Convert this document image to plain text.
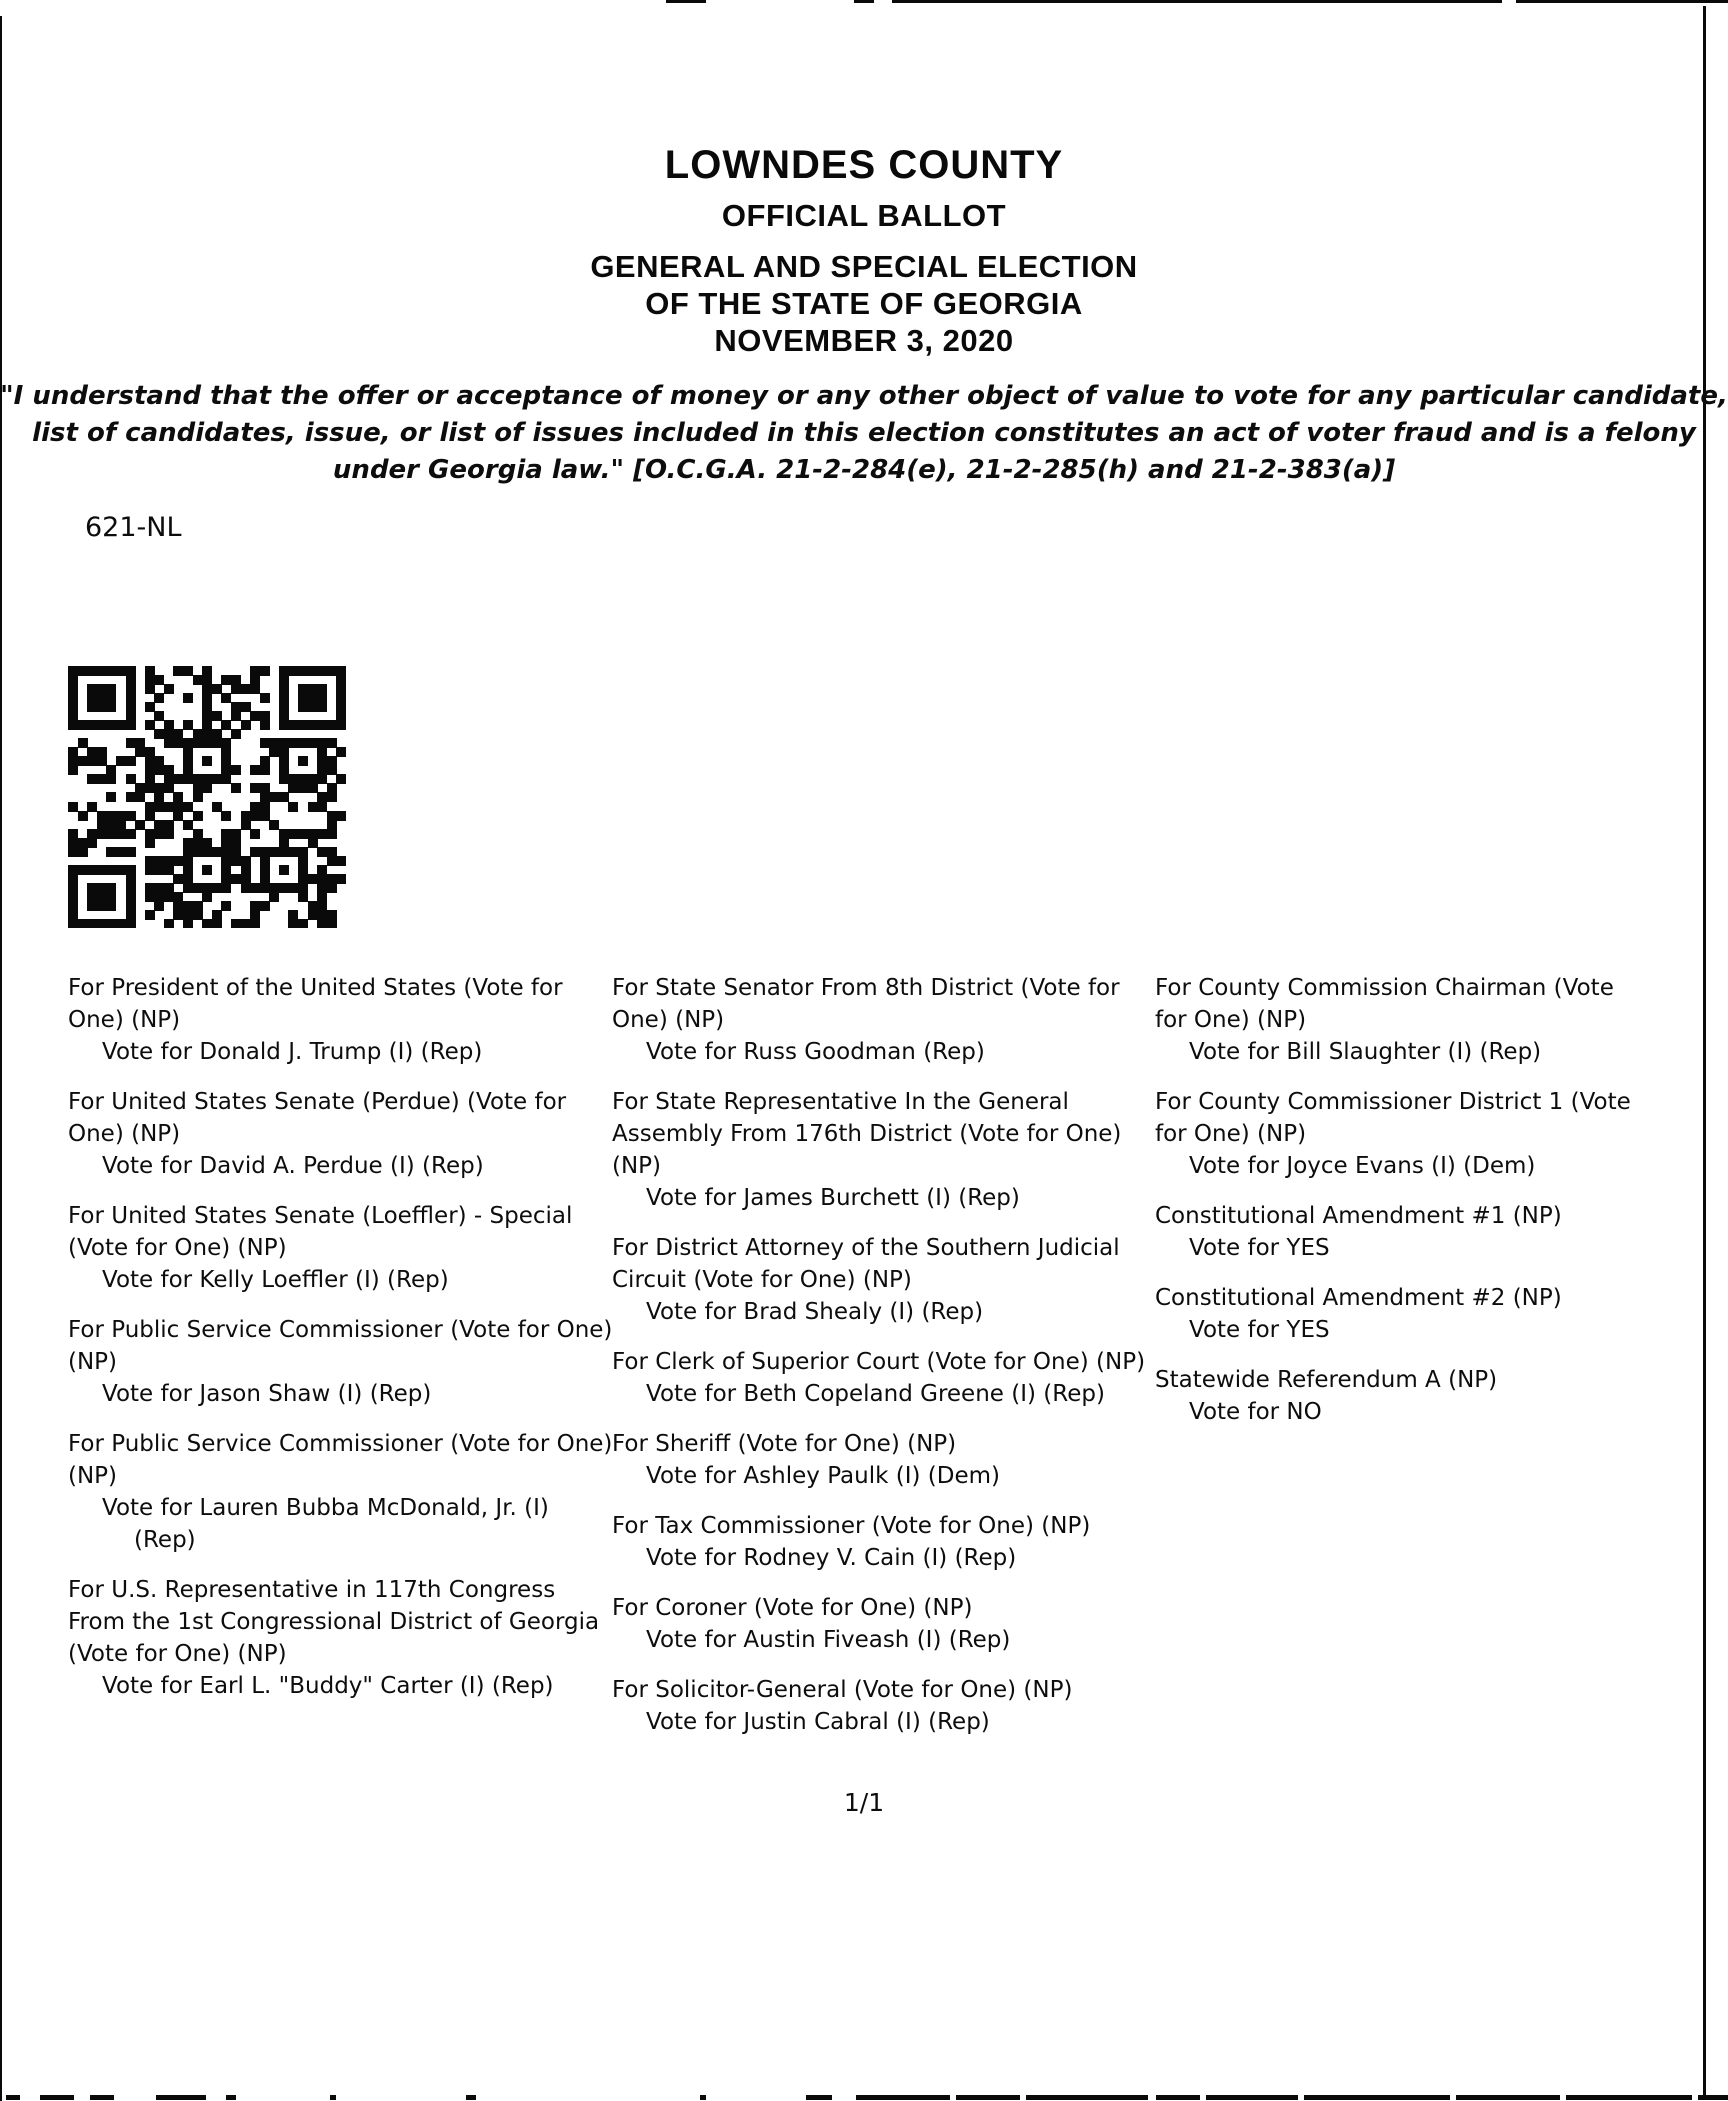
LOWNDES COUNTY
OFFICIAL BALLOT
GENERAL AND SPECIAL ELECTION
OF THE STATE OF GEORGIA
NOVEMBER 3, 2020
"I understand that the offer or acceptance of money or any other object of value to vote for any particular candidate,
list of candidates, issue, or list of issues included in this election constitutes an act of voter fraud and is a felony
under Georgia law." [O.C.G.A. 21-2-284(e), 21-2-285(h) and 21-2-383(a)]
621-NL
For President of the United States (Vote for One) (NP)
Vote for Donald J. Trump (I) (Rep)
For United States Senate (Perdue) (Vote for One) (NP)
Vote for David A. Perdue (I) (Rep)
For United States Senate (Loeffler) - Special (Vote for One) (NP)
Vote for Kelly Loeffler (I) (Rep)
For Public Service Commissioner (Vote for One) (NP)
Vote for Jason Shaw (I) (Rep)
For Public Service Commissioner (Vote for One) (NP)
Vote for Lauren Bubba McDonald, Jr. (I) (Rep)
For U.S. Representative in 117th Congress From the 1st Congressional District of Georgia (Vote for One) (NP)
Vote for Earl L. "Buddy" Carter (I) (Rep)
For State Senator From 8th District (Vote for One) (NP)
Vote for Russ Goodman (Rep)
For State Representative In the General Assembly From 176th District (Vote for One) (NP)
Vote for James Burchett (I) (Rep)
For District Attorney of the Southern Judicial Circuit (Vote for One) (NP)
Vote for Brad Shealy (I) (Rep)
For Clerk of Superior Court (Vote for One) (NP)
Vote for Beth Copeland Greene (I) (Rep)
For Sheriff (Vote for One) (NP)
Vote for Ashley Paulk (I) (Dem)
For Tax Commissioner (Vote for One) (NP)
Vote for Rodney V. Cain (I) (Rep)
For Coroner (Vote for One) (NP)
Vote for Austin Fiveash (I) (Rep)
For Solicitor-General (Vote for One) (NP)
Vote for Justin Cabral (I) (Rep)
For County Commission Chairman (Vote for One) (NP)
Vote for Bill Slaughter (I) (Rep)
For County Commissioner District 1 (Vote for One) (NP)
Vote for Joyce Evans (I) (Dem)
Constitutional Amendment #1 (NP)
Vote for YES
Constitutional Amendment #2 (NP)
Vote for YES
Statewide Referendum A (NP)
Vote for NO
1/1
